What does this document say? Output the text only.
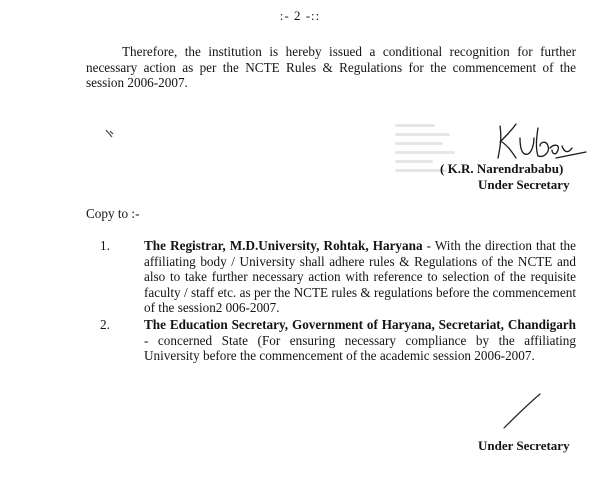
:- 2 -::

Therefore, the institution is hereby issued a conditional recognition for further necessary action as per the NCTE Rules & Regulations for the commencement of the session 2006-2007.

( K.R. Narendrababu)
Under Secretary
Copy to :-
1.	The Registrar, M.D.University, Rohtak, Haryana - With the direction that the affiliating body / University shall adhere rules & Regulations of the NCTE and also to take further necessary action with reference to selection of the requisite faculty / staff etc. as per the NCTE rules & regulations before the commencement of the session2 006-2007.
2.	The Education Secretary, Government of Haryana, Secretariat, Chandigarh - concerned State (For ensuring necessary compliance by the affiliating University before the commencement of the academic session 2006-2007.
Under Secretary
